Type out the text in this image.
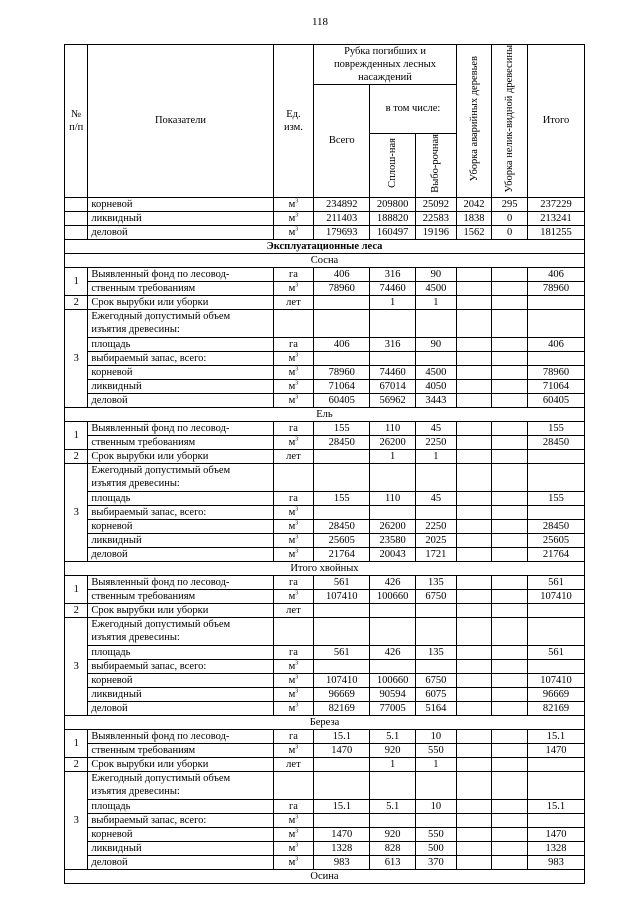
118
№ п/п	Показатели	Ед. изм.	Рубка погибших и поврежденных лесных насаждений			Уборка аварийных деревьев	Уборка нелик-видной древесины	Итого
			Всего	в том числе:				
				Сплош-ная	Выбо-рочная			
	корневой	$м^3$	234892	209800	25092	2042	295	237229
	ликвидный	$м^3$	211403	188820	22583	1838	0	213241
	деловой	$м^3$	179693	160497	19196	1562	0	181255
Эксплуатационные леса								
Сосна								
1	Выявленный фонд по лесовод-	га	406	316	90			406
	ственным требованиям	$м^3$	78960	74460	4500			78960
2	Срок вырубки или уборки	лет		1	1			
3	Ежегодный допустимый объем
изъятия древесины:							

	площадь	га	406	316	90			406
	выбираемый запас, всего:	$м^3$						
	корневой	$м^3$	78960	74460	4500			78960
	ликвидный	$м^3$	71064	67014	4050			71064
	деловой	$м^3$	60405	56962	3443			60405
Ель								
1	Выявленный фонд по лесовод-	га	155	110	45			155
	ственным требованиям	$м^3$	28450	26200	2250			28450
2	Срок вырубки или уборки	лет		1	1			
3	Ежегодный допустимый объем
изъятия древесины:							

	площадь	га	155	110	45			155
	выбираемый запас, всего:	$м^3$						
	корневой	$м^3$	28450	26200	2250			28450
	ликвидный	$м^3$	25605	23580	2025			25605
	деловой	$м^3$	21764	20043	1721			21764
Итого хвойных								
1	Выявленный фонд по лесовод-	га	561	426	135			561
	ственным требованиям	$м^3$	107410	100660	6750			107410
2	Срок вырубки или уборки	лет						
3	Ежегодный допустимый объем
изъятия древесины:							

	площадь	га	561	426	135			561
	выбираемый запас, всего:	$м^3$						
	корневой	$м^3$	107410	100660	6750			107410
	ликвидный	$м^3$	96669	90594	6075			96669
	деловой	$м^3$	82169	77005	5164			82169
Береза								
1	Выявленный фонд по лесовод-	га	15.1	5.1	10			15.1
	ственным требованиям	$м^3$	1470	920	550			1470
2	Срок вырубки или уборки	лет		1	1			
3	Ежегодный допустимый объем
изъятия древесины:							

	площадь	га	15.1	5.1	10			15.1
	выбираемый запас, всего:	$м^3$						
	корневой	$м^3$	1470	920	550			1470
	ликвидный	$м^3$	1328	828	500			1328
	деловой	$м^3$	983	613	370			983
Осина								
